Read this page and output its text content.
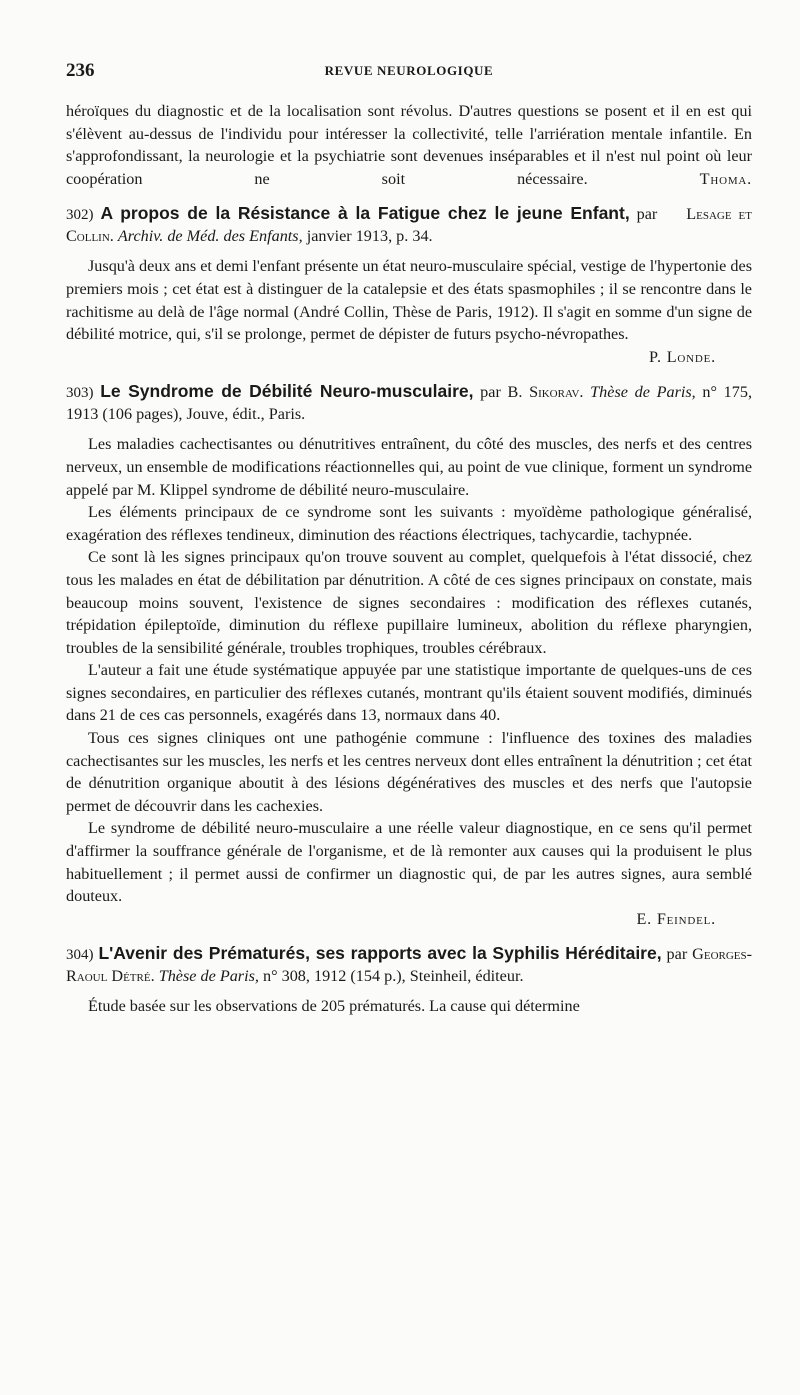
236	REVUE NEUROLOGIQUE

héroïques du diagnostic et de la localisation sont révolus. D'autres questions se posent et il en est qui s'élèvent au-dessus de l'individu pour intéresser la collectivité, telle l'arriération mentale infantile. En s'approfondissant, la neurologie et la psychiatrie sont devenues inséparables et il n'est nul point où leur coopération ne soit nécessaire.	Thoma.

302) A propos de la Résistance à la Fatigue chez le jeune Enfant, par Lesage et Collin. Archiv. de Méd. des Enfants, janvier 1913, p. 34.

Jusqu'à deux ans et demi l'enfant présente un état neuro-musculaire spécial, vestige de l'hypertonie des premiers mois ; cet état est à distinguer de la catalepsie et des états spasmophiles ; il se rencontre dans le rachitisme au delà de l'âge normal (André Collin, Thèse de Paris, 1912). Il s'agit en somme d'un signe de débilité motrice, qui, s'il se prolonge, permet de dépister de futurs psycho-névropathes.

P. Londe.

303) Le Syndrome de Débilité Neuro-musculaire, par B. Sikorav. Thèse de Paris, n° 175, 1913 (106 pages), Jouve, édit., Paris.

Les maladies cachectisantes ou dénutritives entraînent, du côté des muscles, des nerfs et des centres nerveux, un ensemble de modifications réactionnelles qui, au point de vue clinique, forment un syndrome appelé par M. Klippel syndrome de débilité neuro-musculaire.

Les éléments principaux de ce syndrome sont les suivants : myoïdème pathologique généralisé, exagération des réflexes tendineux, diminution des réactions électriques, tachycardie, tachypnée.

Ce sont là les signes principaux qu'on trouve souvent au complet, quelquefois à l'état dissocié, chez tous les malades en état de débilitation par dénutrition. A côté de ces signes principaux on constate, mais beaucoup moins souvent, l'existence de signes secondaires : modification des réflexes cutanés, trépidation épileptoïde, diminution du réflexe pupillaire lumineux, abolition du réflexe pharyngien, troubles de la sensibilité générale, troubles trophiques, troubles cérébraux.

L'auteur a fait une étude systématique appuyée par une statistique importante de quelques-uns de ces signes secondaires, en particulier des réflexes cutanés, montrant qu'ils étaient souvent modifiés, diminués dans 21 de ces cas personnels, exagérés dans 13, normaux dans 40.

Tous ces signes cliniques ont une pathogénie commune : l'influence des toxines des maladies cachectisantes sur les muscles, les nerfs et les centres nerveux dont elles entraînent la dénutrition ; cet état de dénutrition organique aboutit à des lésions dégénératives des muscles et des nerfs que l'autopsie permet de découvrir dans les cachexies.

Le syndrome de débilité neuro-musculaire a une réelle valeur diagnostique, en ce sens qu'il permet d'affirmer la souffrance générale de l'organisme, et de là remonter aux causes qui la produisent le plus habituellement ; il permet aussi de confirmer un diagnostic qui, de par les autres signes, aura semblé douteux.

E. Feindel.

304) L'Avenir des Prématurés, ses rapports avec la Syphilis Héréditaire, par Georges-Raoul Détré. Thèse de Paris, n° 308, 1912 (154 p.), Steinheil, éditeur.

Étude basée sur les observations de 205 prématurés. La cause qui détermine
